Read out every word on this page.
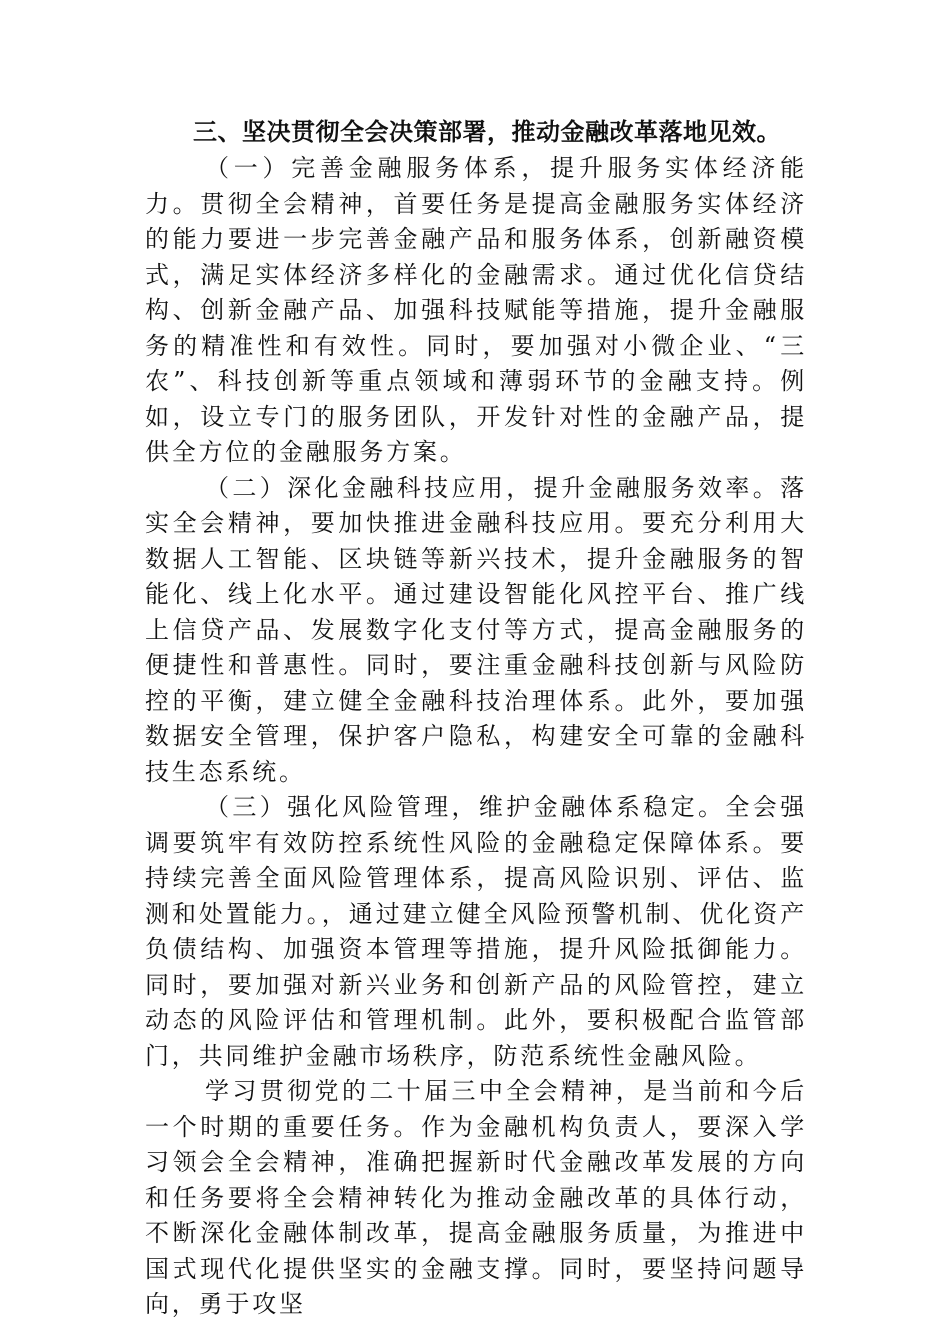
三、坚决贯彻全会决策部署，推动金融改革落地见效。

（一）完善金融服务体系，提升服务实体经济能力。贯彻全会精神，首要任务是提高金融服务实体经济的能力要进一步完善金融产品和服务体系，创新融资模式，满足实体经济多样化的金融需求。通过优化信贷结构、创新金融产品、加强科技赋能等措施，提升金融服务的精准性和有效性。同时，要加强对小微企业、“三农”、科技创新等重点领域和薄弱环节的金融支持。例如，设立专门的服务团队，开发针对性的金融产品，提供全方位的金融服务方案。

（二）深化金融科技应用，提升金融服务效率。落实全会精神，要加快推进金融科技应用。要充分利用大数据人工智能、区块链等新兴技术，提升金融服务的智能化、线上化水平。通过建设智能化风控平台、推广线上信贷产品、发展数字化支付等方式，提高金融服务的便捷性和普惠性。同时，要注重金融科技创新与风险防控的平衡，建立健全金融科技治理体系。此外，要加强数据安全管理，保护客户隐私，构建安全可靠的金融科技生态系统。

（三）强化风险管理，维护金融体系稳定。全会强调要筑牢有效防控系统性风险的金融稳定保障体系。要持续完善全面风险管理体系，提高风险识别、评估、监测和处置能力。，通过建立健全风险预警机制、优化资产负债结构、加强资本管理等措施，提升风险抵御能力。同时，要加强对新兴业务和创新产品的风险管控，建立动态的风险评估和管理机制。此外，要积极配合监管部门，共同维护金融市场秩序，防范系统性金融风险。

学习贯彻党的二十届三中全会精神，是当前和今后一个时期的重要任务。作为金融机构负责人，要深入学习领会全会精神，准确把握新时代金融改革发展的方向和任务要将全会精神转化为推动金融改革的具体行动，不断深化金融体制改革，提高金融服务质量，为推进中国式现代化提供坚实的金融支撑。同时，要坚持问题导向，勇于攻坚
